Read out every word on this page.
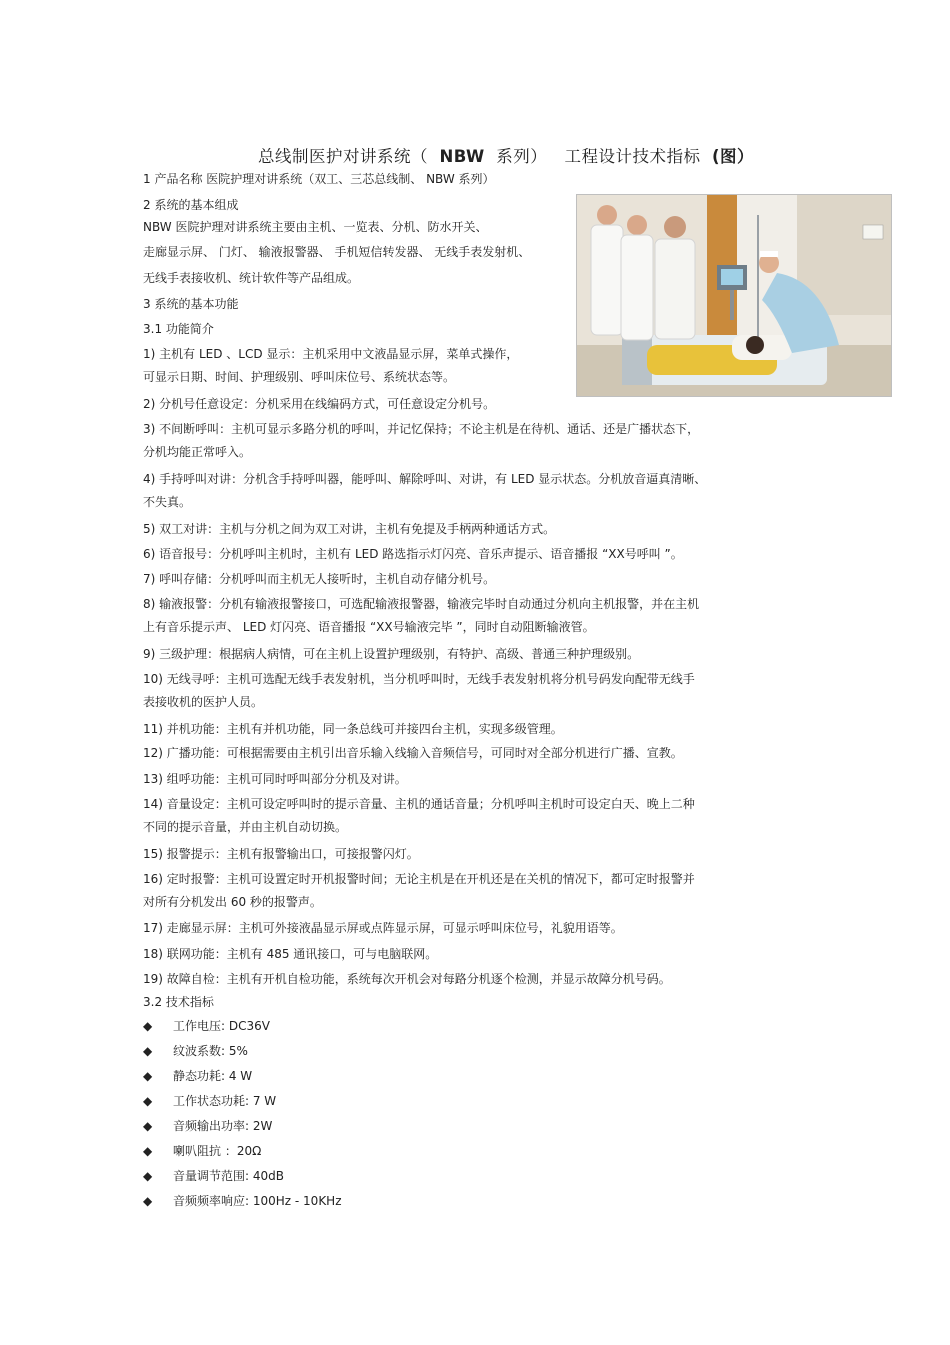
总线制医护对讲系统（ NBW 系列） 工程设计技术指标 (图）
1 产品名称 医院护理对讲系统（双工、三芯总线制、 NBW 系列）
2 系统的基本组成
NBW 医院护理对讲系统主要由主机、一览表、分机、防水开关、
走廊显示屏、 门灯、 输液报警器、 手机短信转发器、 无线手表发射机、
无线手表接收机、统计软件等产品组成。
3 系统的基本功能
3.1 功能简介
1) 主机有 LED 、LCD 显示：主机采用中文液晶显示屏，菜单式操作，
可显示日期、时间、护理级别、呼叫床位号、系统状态等。
2) 分机号任意设定：分机采用在线编码方式，可任意设定分机号。
3) 不间断呼叫：主机可显示多路分机的呼叫，并记忆保持；不论主机是在待机、通话、还是广播状态下，
分机均能正常呼入。
4) 手持呼叫对讲：分机含手持呼叫器，能呼叫、解除呼叫、对讲，有 LED 显示状态。分机放音逼真清晰、
不失真。
5) 双工对讲：主机与分机之间为双工对讲，主机有免提及手柄两种通话方式。
6) 语音报号：分机呼叫主机时，主机有 LED 路选指示灯闪亮、音乐声提示、语音播报 “XX号呼叫 ”。
7) 呼叫存储：分机呼叫而主机无人接听时，主机自动存储分机号。
8) 输液报警：分机有输液报警接口，可选配输液报警器，输液完毕时自动通过分机向主机报警，并在主机
上有音乐提示声、 LED 灯闪亮、语音播报 “XX号输液完毕 ”，同时自动阻断输液管。
9) 三级护理：根据病人病情，可在主机上设置护理级别，有特护、高级、普通三种护理级别。
10) 无线寻呼：主机可选配无线手表发射机，当分机呼叫时，无线手表发射机将分机号码发向配带无线手
表接收机的医护人员。
11) 并机功能：主机有并机功能，同一条总线可并接四台主机，实现多级管理。
12) 广播功能：可根据需要由主机引出音乐输入线输入音频信号，可同时对全部分机进行广播、宣教。
13) 组呼功能：主机可同时呼叫部分分机及对讲。
14) 音量设定：主机可设定呼叫时的提示音量、主机的通话音量；分机呼叫主机时可设定白天、晚上二种
不同的提示音量，并由主机自动切换。
15) 报警提示：主机有报警输出口，可接报警闪灯。
16) 定时报警：主机可设置定时开机报警时间；无论主机是在开机还是在关机的情况下，都可定时报警并
对所有分机发出 60 秒的报警声。
17) 走廊显示屏：主机可外接液晶显示屏或点阵显示屏，可显示呼叫床位号，礼貌用语等。
18) 联网功能：主机有 485 通讯接口，可与电脑联网。
19) 故障自检：主机有开机自检功能，系统每次开机会对每路分机逐个检测，并显示故障分机号码。
3.2 技术指标
◆ 工作电压: DC36V
◆ 纹波系数: 5%
◆ 静态功耗: 4 W
◆ 工作状态功耗: 7 W
◆ 音频输出功率: 2W
◆ 喇叭阻抗 ：20Ω
◆ 音量调节范围: 40dB
◆ 音频频率响应: 100Hz - 10KHz
